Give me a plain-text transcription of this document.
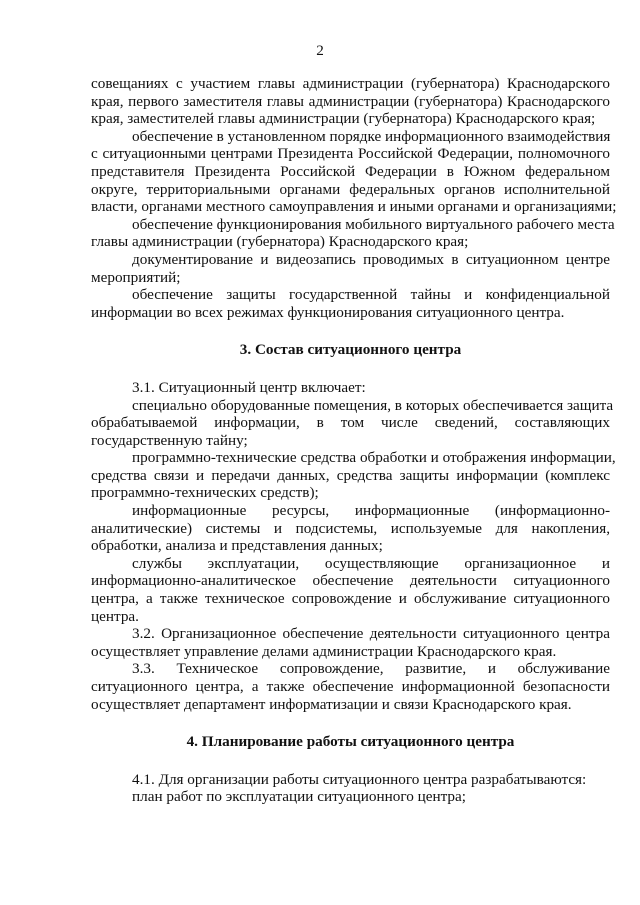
2

совещаниях с участием главы администрации (губернатора) Краснодарского

края, первого заместителя главы администрации (губернатора) Краснодарского

края, заместителей главы администрации (губернатора) Краснодарского края;

обеспечение в установленном порядке информационного взаимодействия

с ситуационными центрами Президента Российской Федерации, полномочного

представителя Президента Российской Федерации в Южном федеральном

округе, территориальными органами федеральных органов исполнительной

власти, органами местного самоуправления и иными органами и организациями;

обеспечение функционирования мобильного виртуального рабочего места

главы администрации (губернатора) Краснодарского края;

документирование и видеозапись проводимых в ситуационном центре

мероприятий;

обеспечение защиты государственной тайны и конфиденциальной

информации во всех режимах функционирования ситуационного центра.

3. Состав ситуационного центра

3.1. Ситуационный центр включает:

специально оборудованные помещения, в которых обеспечивается защита

обрабатываемой информации, в том числе сведений, составляющих

государственную тайну;

программно-технические средства обработки и отображения информации,

средства связи и передачи данных, средства защиты информации (комплекс

программно-технических средств);

информационные ресурсы, информационные (информационно-

аналитические) системы и подсистемы, используемые для накопления,

обработки, анализа и представления данных;

службы эксплуатации, осуществляющие организационное и

информационно-аналитическое обеспечение деятельности ситуационного

центра, а также техническое сопровождение и обслуживание ситуационного

центра.

3.2. Организационное обеспечение деятельности ситуационного центра

осуществляет управление делами администрации Краснодарского края.

3.3. Техническое сопровождение, развитие, и обслуживание

ситуационного центра, а также обеспечение информационной безопасности

осуществляет департамент информатизации и связи Краснодарского края.

4. Планирование работы ситуационного центра

4.1. Для организации работы ситуационного центра разрабатываются:

план работ по эксплуатации ситуационного центра;
